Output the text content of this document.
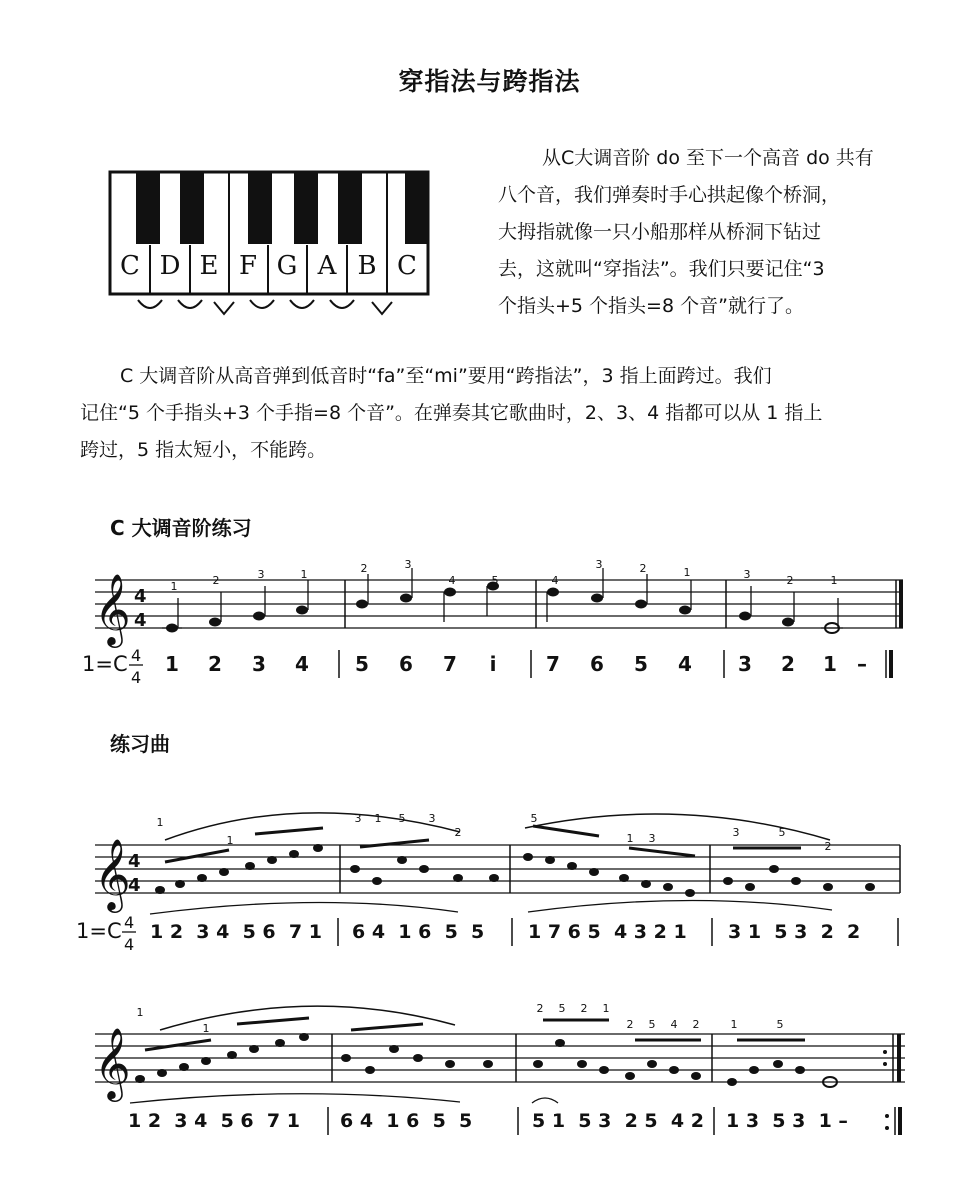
穿指法与跨指法
从C大调音阶 do 至下一个高音 do 共有
八个音，我们弹奏时手心拱起像个桥洞，
大拇指就像一只小船那样从桥洞下钻过
去，这就叫“穿指法”。我们只要记住“3
个指头+5 个指头=8 个音”就行了。
C 大调音阶从高音弹到低音时“fa”至“mi”要用“跨指法”，3 指上面跨过。我们
记住“5 个手指头+3 个手指=8 个音”。在弹奏其它歌曲时，2、3、4 指都可以从 1 指上
跨过，5 指太短小，不能跨。
C 大调音阶练习
练习曲
C D E F G A B C
𝄞 4
4
1	2	3	1	2	3
4	5	4
3	2	1	3	2	1
1=C 4
4
1 2 3 4 5 6 7 i 7 6 5 4 3 2 1 –
𝄞
4
4
1
1
3 1 5 3
2
5
1 3	3	5
2
1=C 4
4
1 2  3 4  5 6  7 1 6 4  1 6  5  5 1 7 6 5  4 3 2 1 3 1  5 3  2  2
𝄞
1
1
2 5 2 1
2 5 4 2	1	5
1 2  3 4  5 6  7 1 6 4  1 6  5  5	5 1  5 3  2 5  4 2 1 3  5 3  1 –
